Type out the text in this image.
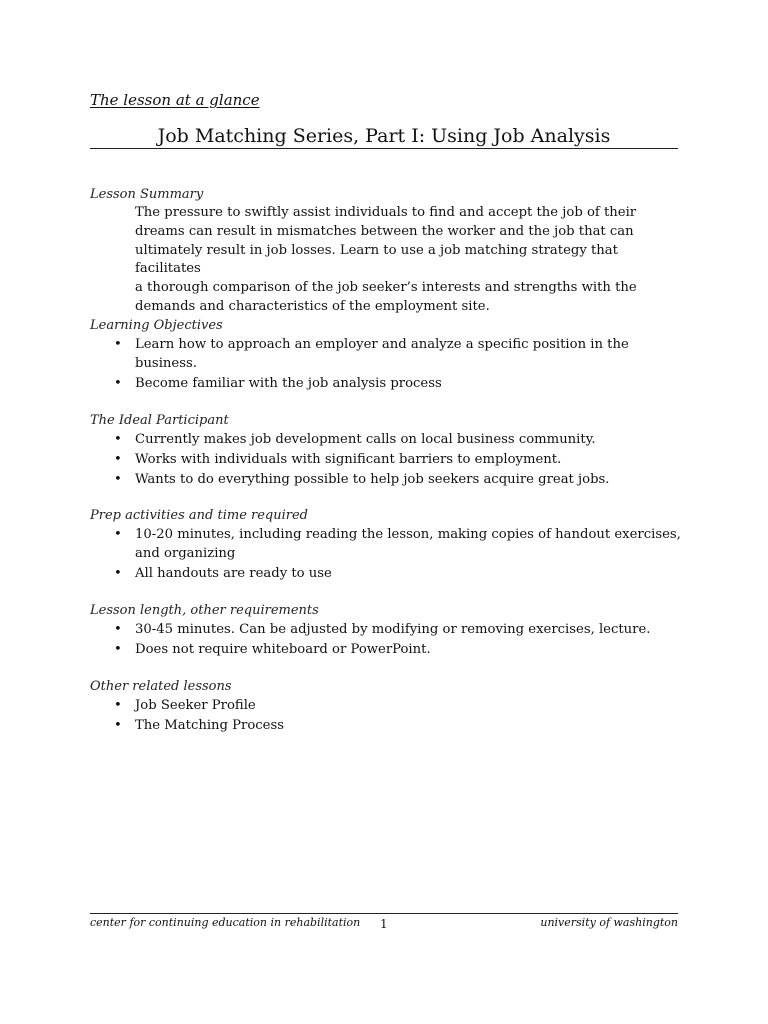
The lesson at a glance
Job Matching Series, Part I: Using Job Analysis
Lesson Summary
The pressure to swiftly assist individuals to find and accept the job of their
dreams can result in mismatches between the worker and the job that can
ultimately result in job losses. Learn to use a job matching strategy that facilitates
a thorough comparison of the job seeker’s interests and strengths with the
demands and characteristics of the employment site.
Learning Objectives
• Learn how to approach an employer and analyze a specific position in the business.
• Become familiar with the job analysis process
The Ideal Participant
• Currently makes job development calls on local business community.
• Works with individuals with significant barriers to employment.
• Wants to do everything possible to help job seekers acquire great jobs.
Prep activities and time required
• 10-20 minutes, including reading the lesson, making copies of handout exercises, and organizing
• All handouts are ready to use
Lesson length, other requirements
• 30-45 minutes. Can be adjusted by modifying or removing exercises, lecture.
• Does not require whiteboard or PowerPoint.
Other related lessons
• Job Seeker Profile
• The Matching Process
center for continuing education in rehabilitation 1	university of washington
